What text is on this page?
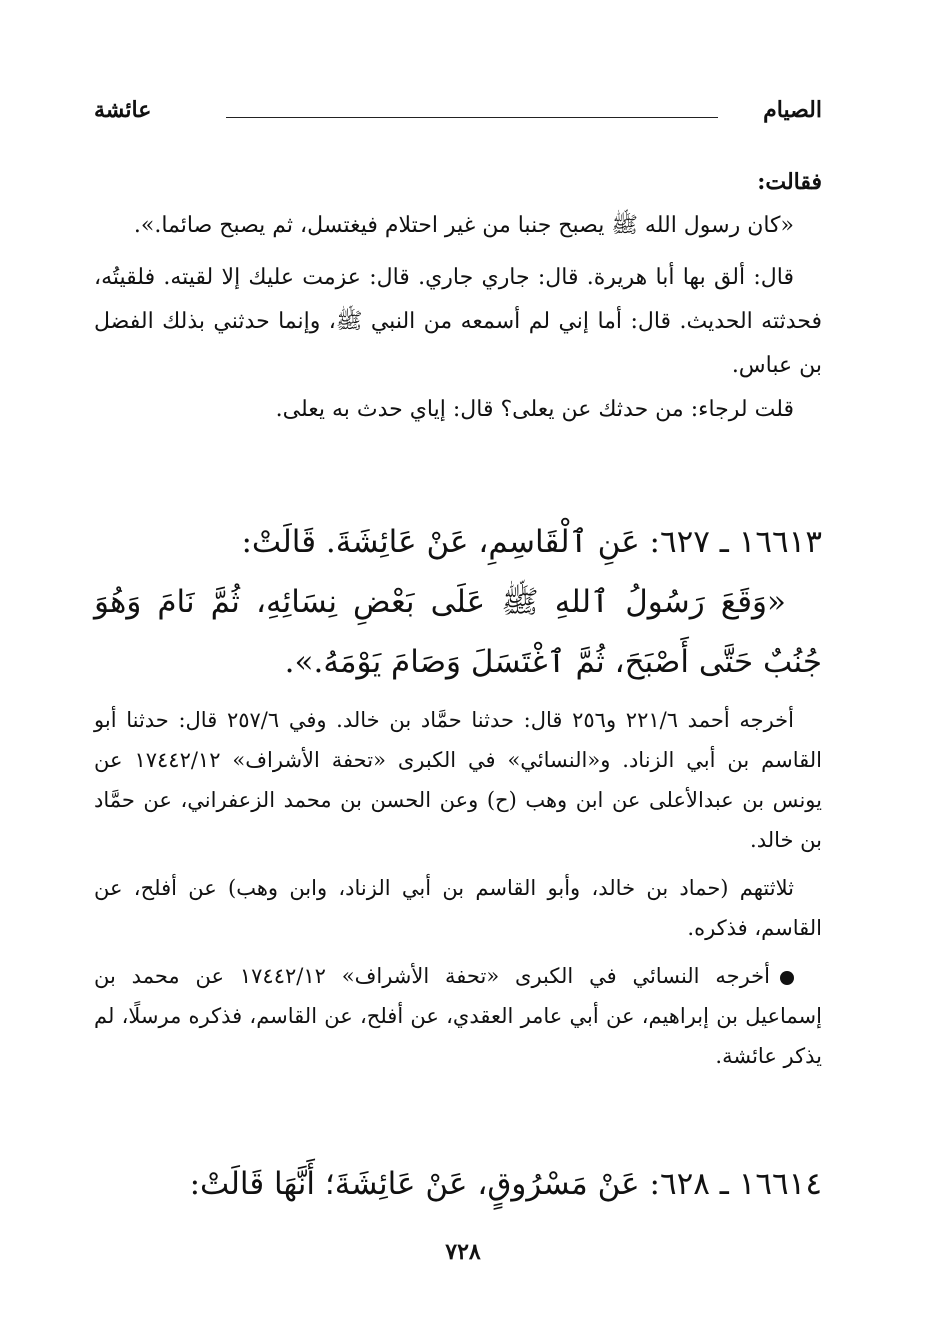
الصيام
عائشة

فقالت:

«كان رسول الله ﷺ يصبح جنبا من غير احتلام فيغتسل، ثم يصبح صائما.».

قال: ألق بها أبا هريرة. قال: جاري جاري. قال: عزمت عليك إلا لقيته. فلقيتُه، فحدثته الحديث. قال: أما إني لم أسمعه من النبي ﷺ، وإنما حدثني بذلك الفضل بن عباس.

قلت لرجاء: من حدثك عن يعلى؟ قال: إياي حدث به يعلى.

١٦٦١٣ ـ ٦٢٧: عَنِ ٱلْقَاسِمِ، عَنْ عَائِشَةَ. قَالَتْ:

«وَقَعَ رَسُولُ ٱللهِ ﷺ عَلَى بَعْضِ نِسَائِهِ، ثُمَّ نَامَ وَهُوَ جُنُبٌ حَتَّى أَصْبَحَ، ثُمَّ ٱغْتَسَلَ وَصَامَ يَوْمَهُ.».

أخرجه أحمد ٢٢١/٦ و٢٥٦ قال: حدثنا حمَّاد بن خالد. وفي ٢٥٧/٦ قال: حدثنا أبو القاسم بن أبي الزناد. و«النسائي» في الكبرى «تحفة الأشراف» ١٧٤٤٢/١٢ عن يونس بن عبدالأعلى عن ابن وهب (ح) وعن الحسن بن محمد الزعفراني، عن حمَّاد بن خالد.

ثلاثتهم (حماد بن خالد، وأبو القاسم بن أبي الزناد، وابن وهب) عن أفلح، عن القاسم، فذكره.

أخرجه النسائي في الكبرى «تحفة الأشراف» ١٧٤٤٢/١٢ عن محمد بن إسماعيل بن إبراهيم، عن أبي عامر العقدي، عن أفلح، عن القاسم، فذكره مرسلًا، لم يذكر عائشة.

١٦٦١٤ ـ ٦٢٨: عَنْ مَسْرُوقٍ، عَنْ عَائِشَةَ؛ أَنَّهَا قَالَتْ:

٧٢٨
